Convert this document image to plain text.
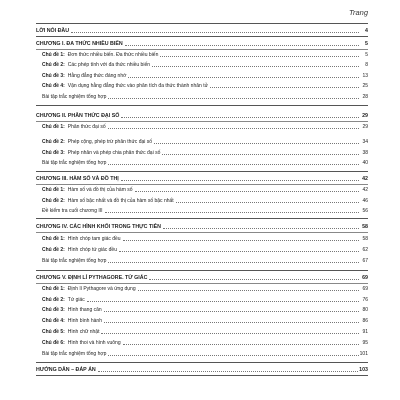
Trang
LỜI NÓI ĐẦU	4
CHƯƠNG I. ĐA THỨC NHIỀU BIẾN	5
Chủ đề 1: Đơn thức nhiều biến. Đa thức nhiều biến	5
Chủ đề 2: Các phép tính với đa thức nhiều biến	8
Chủ đề 3: Hằng đẳng thức đáng nhớ	13
Chủ đề 4: Vận dụng hằng đẳng thức vào phân tích đa thức thành nhân tử	25
Bài tập trắc nghiệm tổng hợp	28
CHƯƠNG II. PHÂN THỨC ĐẠI SỐ	29
Chủ đề 1: Phân thức đại số	29
Chủ đề 2: Phép cộng, phép trừ phân thức đại số	34
Chủ đề 3: Phép nhân và phép chia phân thức đại số	38
Bài tập trắc nghiệm tổng hợp	40
CHƯƠNG III. HÀM SỐ VÀ ĐỒ THỊ	42
Chủ đề 1: Hàm số và đồ thị của hàm số	42
Chủ đề 2: Hàm số bậc nhất và đồ thị của hàm số bậc nhất	46
Đề kiểm tra cuối chương III	56
CHƯƠNG IV. CÁC HÌNH KHỐI TRONG THỰC TIỄN	58
Chủ đề 1: Hình chóp tam giác đều	58
Chủ đề 2: Hình chóp tứ giác đều	62
Bài tập trắc nghiệm tổng hợp	67
CHƯƠNG V. ĐỊNH LÍ PYTHAGORE. TỨ GIÁC	69
Chủ đề 1: Định lí Pythagore và ứng dụng	69
Chủ đề 2: Tứ giác	76
Chủ đề 3: Hình thang cân	80
Chủ đề 4: Hình bình hành	86
Chủ đề 5: Hình chữ nhật	91
Chủ đề 6: Hình thoi và hình vuông	95
Bài tập trắc nghiệm tổng hợp	101
HƯỚNG DẪN – ĐÁP ÁN	103
